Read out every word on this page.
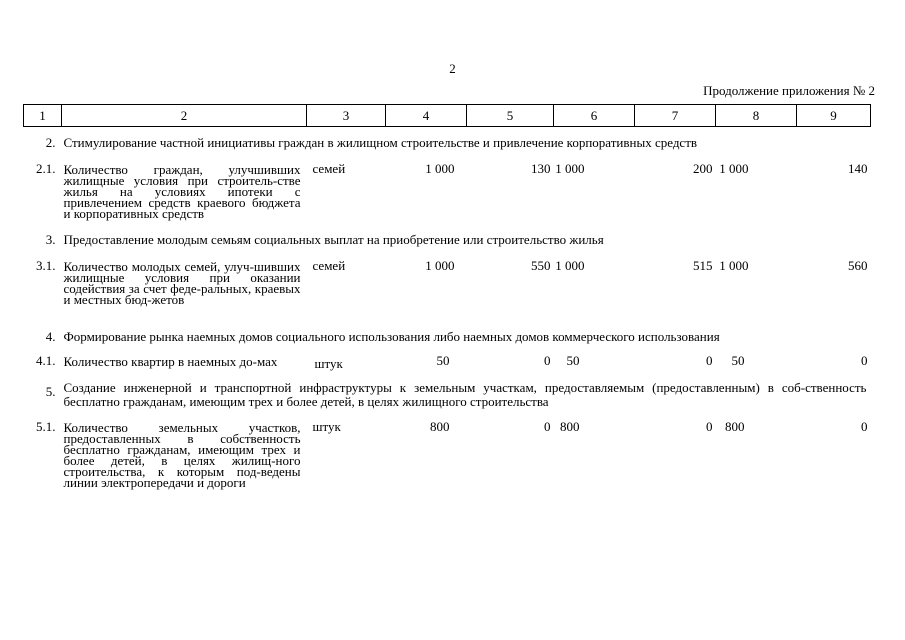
2
Продолжение приложения № 2
1	2	3	4	5	6	7	8	9
2.	Стимулирование частной инициативы граждан в жилищном строительстве и привлечение корпоративных средств							
2.1.	Количество граждан, улучшивших жилищные условия при строитель-стве жилья на условиях ипотеки с привлечением средств краевого бюджета и корпоративных средств	семей	1 000	130	1 000	200	1 000	140
3.	Предоставление молодым семьям социальных выплат на приобретение или строительство жилья							
3.1.	Количество молодых семей, улуч-шивших жилищные условия при оказании содействия за счет феде-ральных, краевых и местных бюд-жетов	семей	1 000	550	1 000	515	1 000	560
4.	Формирование рынка наемных домов социального использования либо наемных домов коммерческого использования							
4.1.	Количество квартир в наемных до-мах	штук	50	0	50	0	50	0
5.	Создание инженерной и транспортной инфраструктуры к земельным участкам, предоставляемым (предоставленным) в соб-ственность бесплатно гражданам, имеющим трех и более детей, в целях жилищного строительства							
5.1.	Количество земельных участков, предоставленных в собственность бесплатно гражданам, имеющим трех и более детей, в целях жилищ-ного строительства, к которым под-ведены линии электропередачи и дороги	штук	800	0	800	0	800	0
